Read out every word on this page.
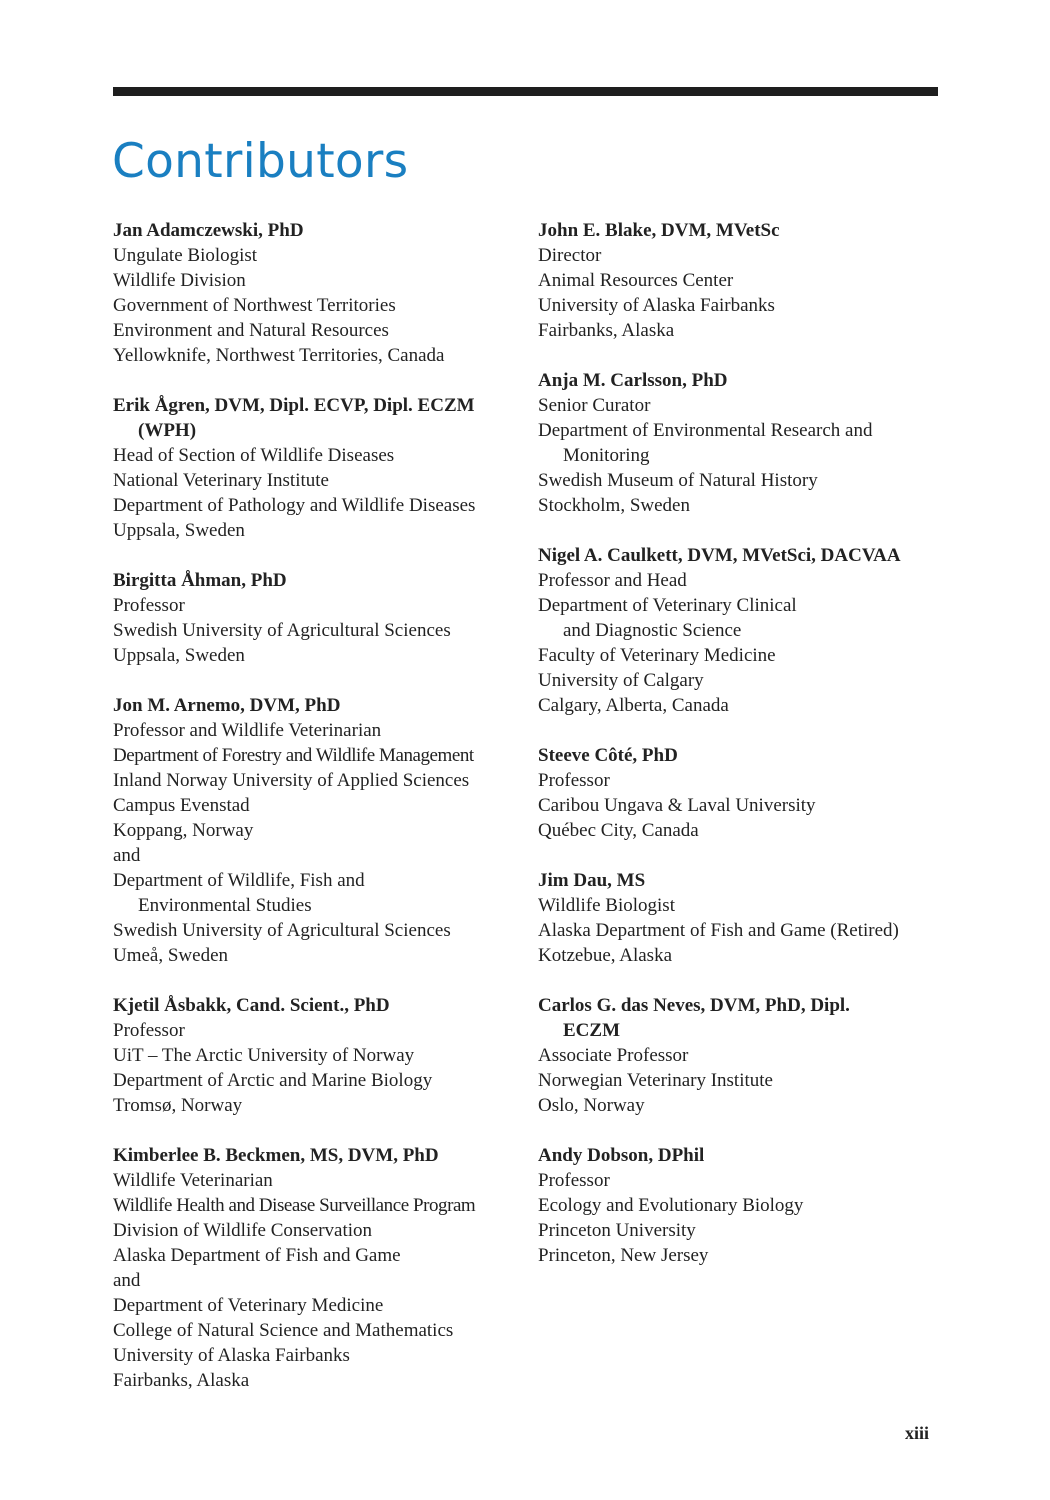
Contributors
Jan Adamczewski, PhD
Ungulate Biologist
Wildlife Division
Government of Northwest Territories
Environment and Natural Resources
Yellowknife, Northwest Territories, Canada
Erik Ågren, DVM, Dipl. ECVP, Dipl. ECZM
(WPH)
Head of Section of Wildlife Diseases
National Veterinary Institute
Department of Pathology and Wildlife Diseases
Uppsala, Sweden
Birgitta Åhman, PhD
Professor
Swedish University of Agricultural Sciences
Uppsala, Sweden
Jon M. Arnemo, DVM, PhD
Professor and Wildlife Veterinarian
Department of Forestry and Wildlife Management
Inland Norway University of Applied Sciences
Campus Evenstad
Koppang, Norway
and
Department of Wildlife, Fish and
Environmental Studies
Swedish University of Agricultural Sciences
Umeå, Sweden
Kjetil Åsbakk, Cand. Scient., PhD
Professor
UiT – The Arctic University of Norway
Department of Arctic and Marine Biology
Tromsø, Norway
Kimberlee B. Beckmen, MS, DVM, PhD
Wildlife Veterinarian
Wildlife Health and Disease Surveillance Program
Division of Wildlife Conservation
Alaska Department of Fish and Game
and
Department of Veterinary Medicine
College of Natural Science and Mathematics
University of Alaska Fairbanks
Fairbanks, Alaska
John E. Blake, DVM, MVetSc
Director
Animal Resources Center
University of Alaska Fairbanks
Fairbanks, Alaska
Anja M. Carlsson, PhD
Senior Curator
Department of Environmental Research and
Monitoring
Swedish Museum of Natural History
Stockholm, Sweden
Nigel A. Caulkett, DVM, MVetSci, DACVAA
Professor and Head
Department of Veterinary Clinical
and Diagnostic Science
Faculty of Veterinary Medicine
University of Calgary
Calgary, Alberta, Canada
Steeve Côté, PhD
Professor
Caribou Ungava & Laval University
Québec City, Canada
Jim Dau, MS
Wildlife Biologist
Alaska Department of Fish and Game (Retired)
Kotzebue, Alaska
Carlos G. das Neves, DVM, PhD, Dipl.
ECZM
Associate Professor
Norwegian Veterinary Institute
Oslo, Norway
Andy Dobson, DPhil
Professor
Ecology and Evolutionary Biology
Princeton University
Princeton, New Jersey
xiii
